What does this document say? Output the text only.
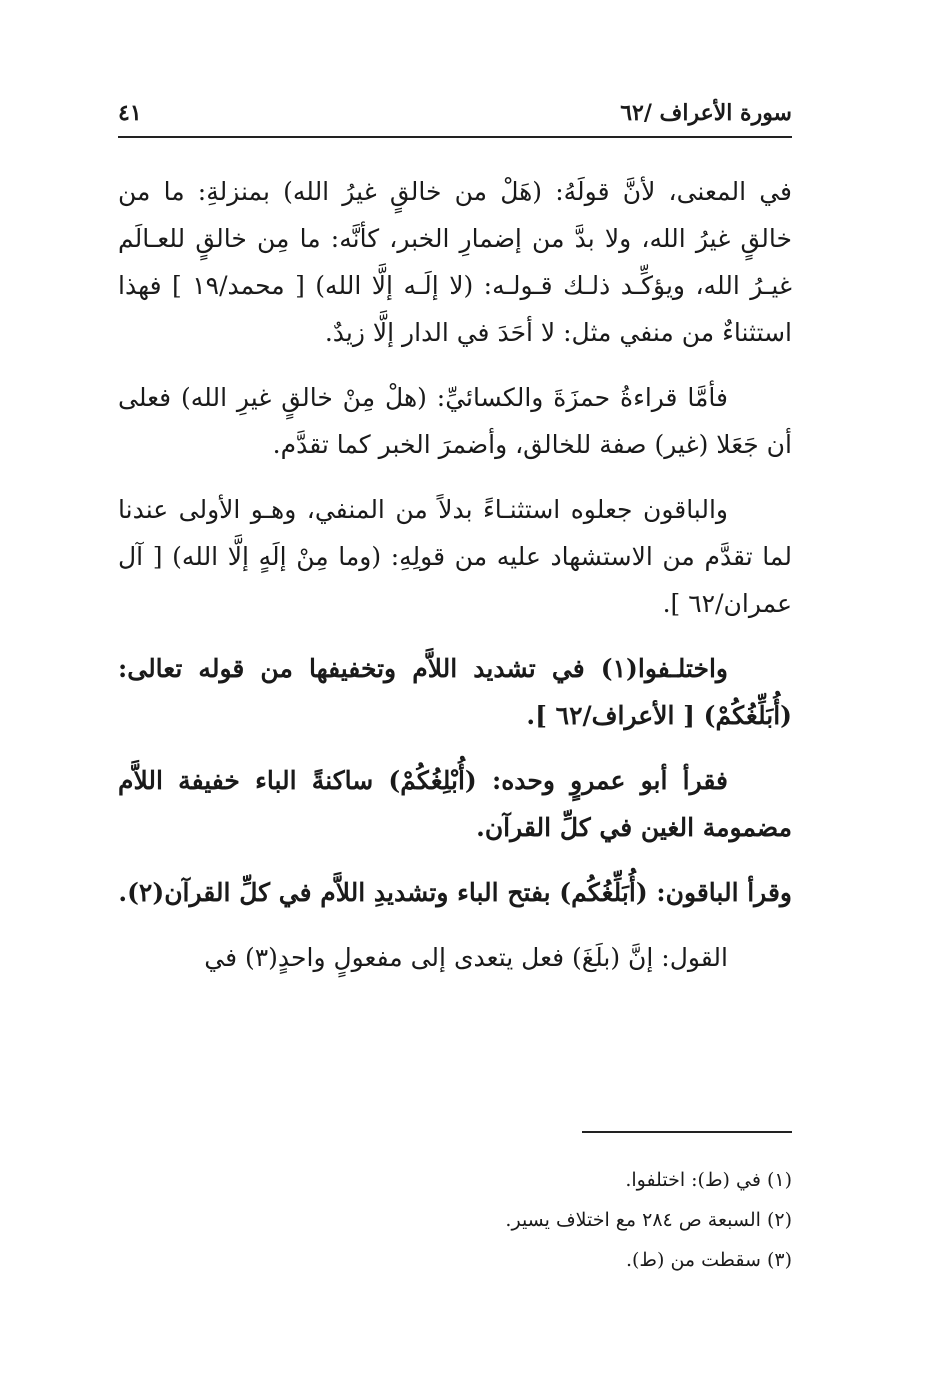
سورة الأعراف /٦٢
٤١
في المعنى، لأنَّ قولَهُ: (هَلْ من خالقٍ غيرُ الله) بمنزلةِ: ما من خالقٍ غيرُ الله، ولا بدَّ من إضمارِ الخبر، كأنَّه: ما مِن خالقٍ للعـالَم غيـرُ الله، ويؤكِّـد ذلـك قـولـه: (لا إلَـه إلَّا الله) [ محمد/١٩ ] فهذا استثناءٌ من منفي مثل: لا أحَدَ في الدار إلَّا زيدٌ.
فأمَّا قراءةُ حمزَةَ والكسائيِّ: (هلْ مِنْ خالقٍ غيرِ الله) فعلى أن جَعَلا (غير) صفة للخالق، وأضمرَ الخبر كما تقدَّم.
والباقون جعلوه استثنـاءً بدلاً من المنفي، وهـو الأولى عندنا لما تقدَّم من الاستشهاد عليه من قولِهِ: (وما مِنْ إلَهٍ إلَّا الله) [ آل عمران/٦٢ ].
واختلـفوا(١) في تشديد اللاَّم وتخفيفها من قوله تعالى: (أُبَلِّغُكُمْ) [ الأعراف/٦٢ ].
فقرأ أبو عمروٍ وحده: (أُبْلِغُكُمْ) ساكنةً الباء خفيفة اللاَّم مضمومة الغين في كلِّ القرآن.
وقرأ الباقون: (أُبَلِّغُكُم) بفتح الباء وتشديدِ اللاَّم في كلِّ القرآن(٢).
القول: إنَّ (بلَغَ) فعل يتعدى إلى مفعولٍ واحدٍ(٣) في

(١) في (ط): اختلفوا.

(٢) السبعة ص ٢٨٤ مع اختلاف يسير.

(٣) سقطت من (ط).
